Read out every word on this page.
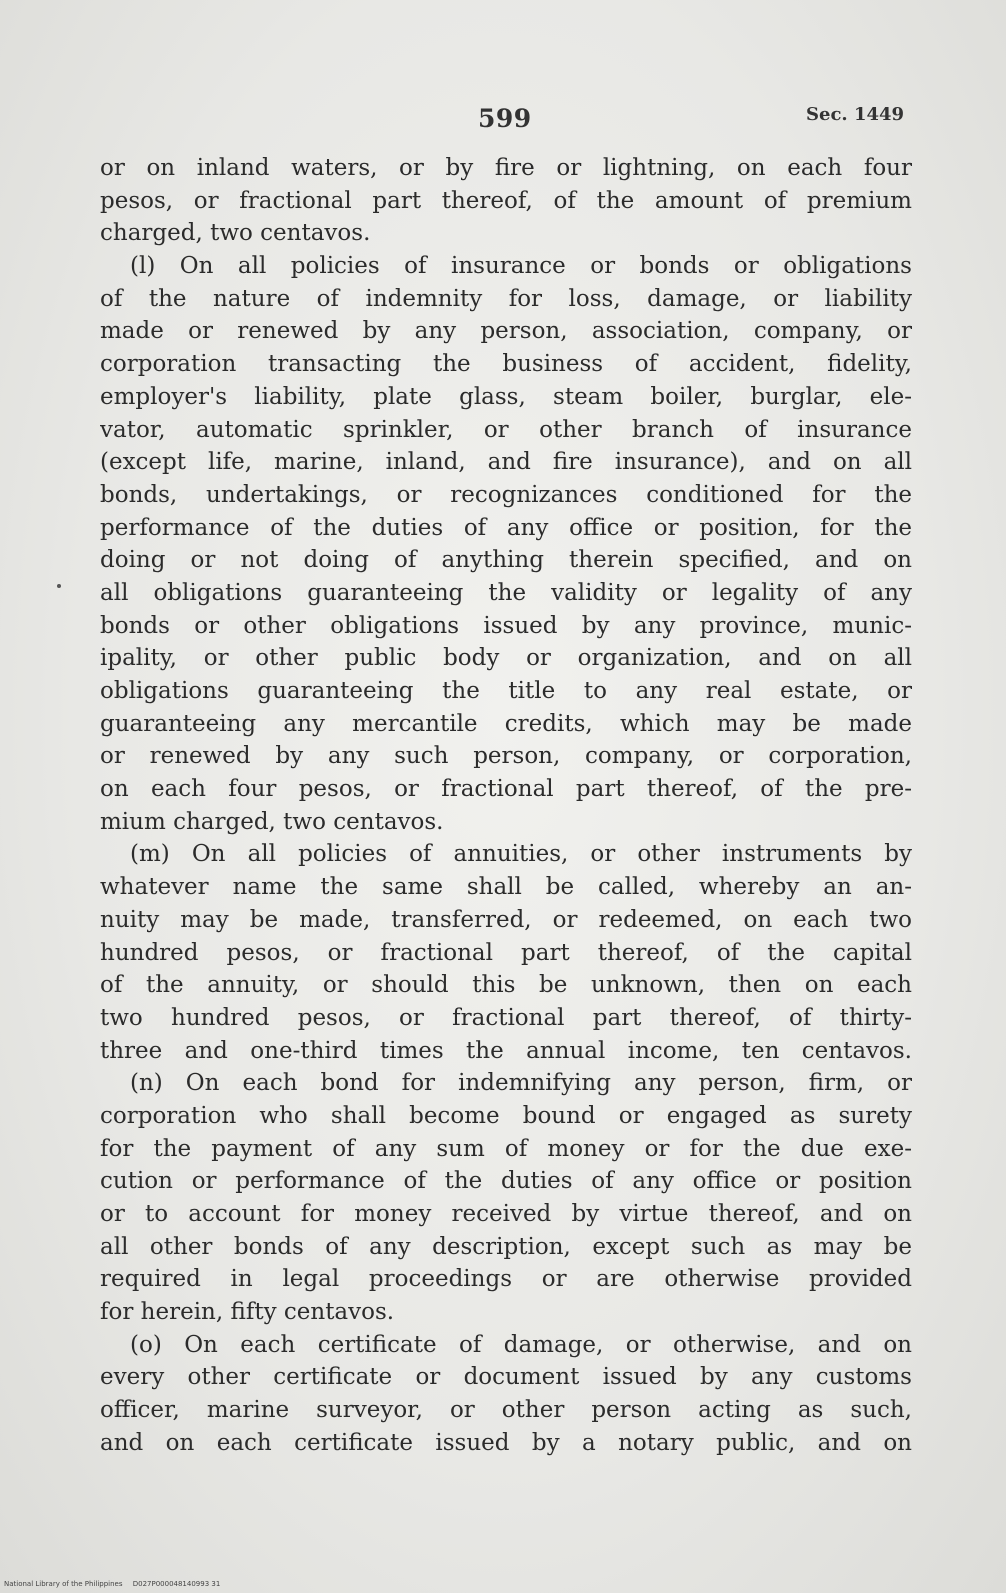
599	Sec. 1449
or on inland waters, or by fire or lightning, on each four
pesos, or fractional part thereof, of the amount of premium
charged, two centavos.
(l) On all policies of insurance or bonds or obligations
of the nature of indemnity for loss, damage, or liability
made or renewed by any person, association, company, or
corporation transacting the business of accident, fidelity,
employer's liability, plate glass, steam boiler, burglar, ele-
vator, automatic sprinkler, or other branch of insurance
(except life, marine, inland, and fire insurance), and on all
bonds, undertakings, or recognizances conditioned for the
performance of the duties of any office or position, for the
doing or not doing of anything therein specified, and on
all obligations guaranteeing the validity or legality of any
bonds or other obligations issued by any province, munic-
ipality, or other public body or organization, and on all
obligations guaranteeing the title to any real estate, or
guaranteeing any mercantile credits, which may be made
or renewed by any such person, company, or corporation,
on each four pesos, or fractional part thereof, of the pre-
mium charged, two centavos.
(m) On all policies of annuities, or other instruments by
whatever name the same shall be called, whereby an an-
nuity may be made, transferred, or redeemed, on each two
hundred pesos, or fractional part thereof, of the capital
of the annuity, or should this be unknown, then on each
two hundred pesos, or fractional part thereof, of thirty-
three and one-third times the annual income, ten centavos.
(n) On each bond for indemnifying any person, firm, or
corporation who shall become bound or engaged as surety
for the payment of any sum of money or for the due exe-
cution or performance of the duties of any office or position
or to account for money received by virtue thereof, and on
all other bonds of any description, except such as may be
required in legal proceedings or are otherwise provided
for herein, fifty centavos.
(o) On each certificate of damage, or otherwise, and on
every other certificate or document issued by any customs
officer, marine surveyor, or other person acting as such,
and on each certificate issued by a notary public, and on
National Library of the Philippines D027P000048140993 31
